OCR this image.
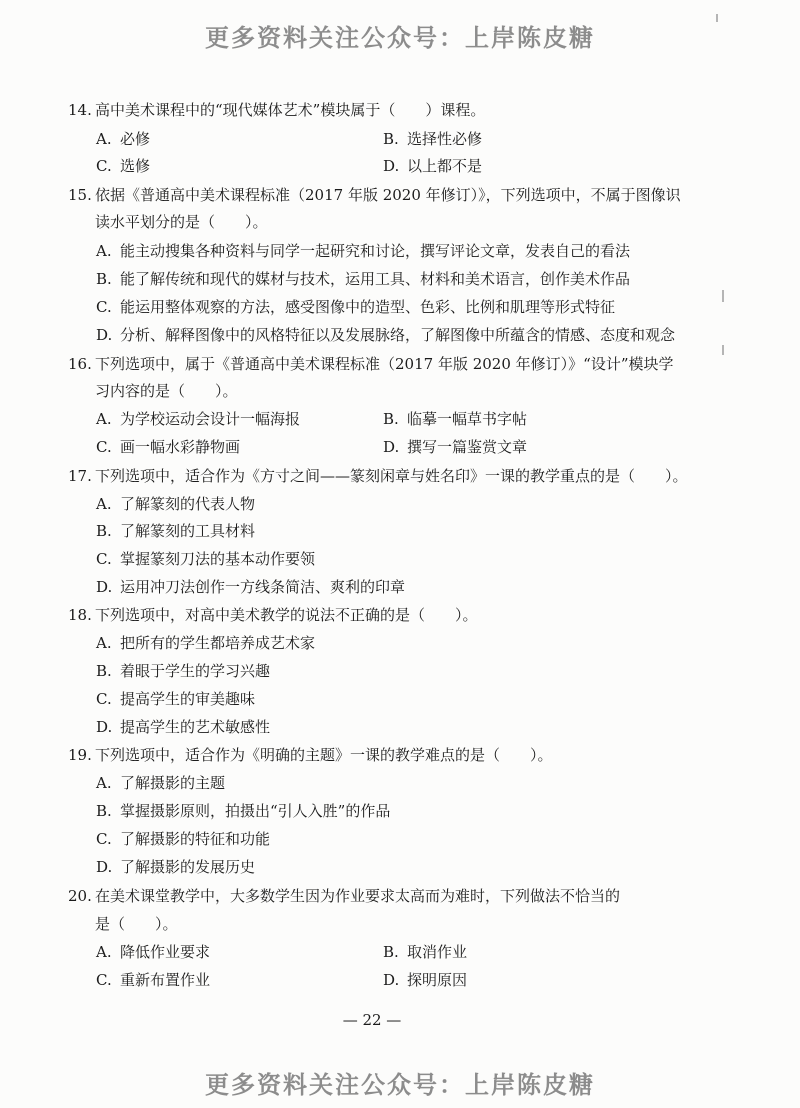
更多资料关注公众号：上岸陈皮糖
14. 高中美术课程中的“现代媒体艺术”模块属于（　　）课程。
A. 必修	B. 选择性必修
C. 选修	D. 以上都不是
15. 依据《普通高中美术课程标准（2017 年版 2020 年修订）》，下列选项中，不属于图像识
读水平划分的是（　　）。
A. 能主动搜集各种资料与同学一起研究和讨论，撰写评论文章，发表自己的看法
B. 能了解传统和现代的媒材与技术，运用工具、材料和美术语言，创作美术作品
C. 能运用整体观察的方法，感受图像中的造型、色彩、比例和肌理等形式特征
D. 分析、解释图像中的风格特征以及发展脉络，了解图像中所蕴含的情感、态度和观念
16. 下列选项中，属于《普通高中美术课程标准（2017 年版 2020 年修订）》“设计”模块学
习内容的是（　　）。
A. 为学校运动会设计一幅海报	B. 临摹一幅草书字帖
C. 画一幅水彩静物画	D. 撰写一篇鉴赏文章
17. 下列选项中，适合作为《方寸之间——篆刻闲章与姓名印》一课的教学重点的是（　　）。
A. 了解篆刻的代表人物
B. 了解篆刻的工具材料
C. 掌握篆刻刀法的基本动作要领
D. 运用冲刀法创作一方线条简洁、爽利的印章
18. 下列选项中，对高中美术教学的说法不正确的是（　　）。
A. 把所有的学生都培养成艺术家
B. 着眼于学生的学习兴趣
C. 提高学生的审美趣味
D. 提高学生的艺术敏感性
19. 下列选项中，适合作为《明确的主题》一课的教学难点的是（　　）。
A. 了解摄影的主题
B. 掌握摄影原则，拍摄出“引人入胜”的作品
C. 了解摄影的特征和功能
D. 了解摄影的发展历史
20. 在美术课堂教学中，大多数学生因为作业要求太高而为难时，下列做法不恰当的
是（　　）。
A. 降低作业要求	B. 取消作业
C. 重新布置作业	D. 探明原因
— 22 —
更多资料关注公众号：上岸陈皮糖
